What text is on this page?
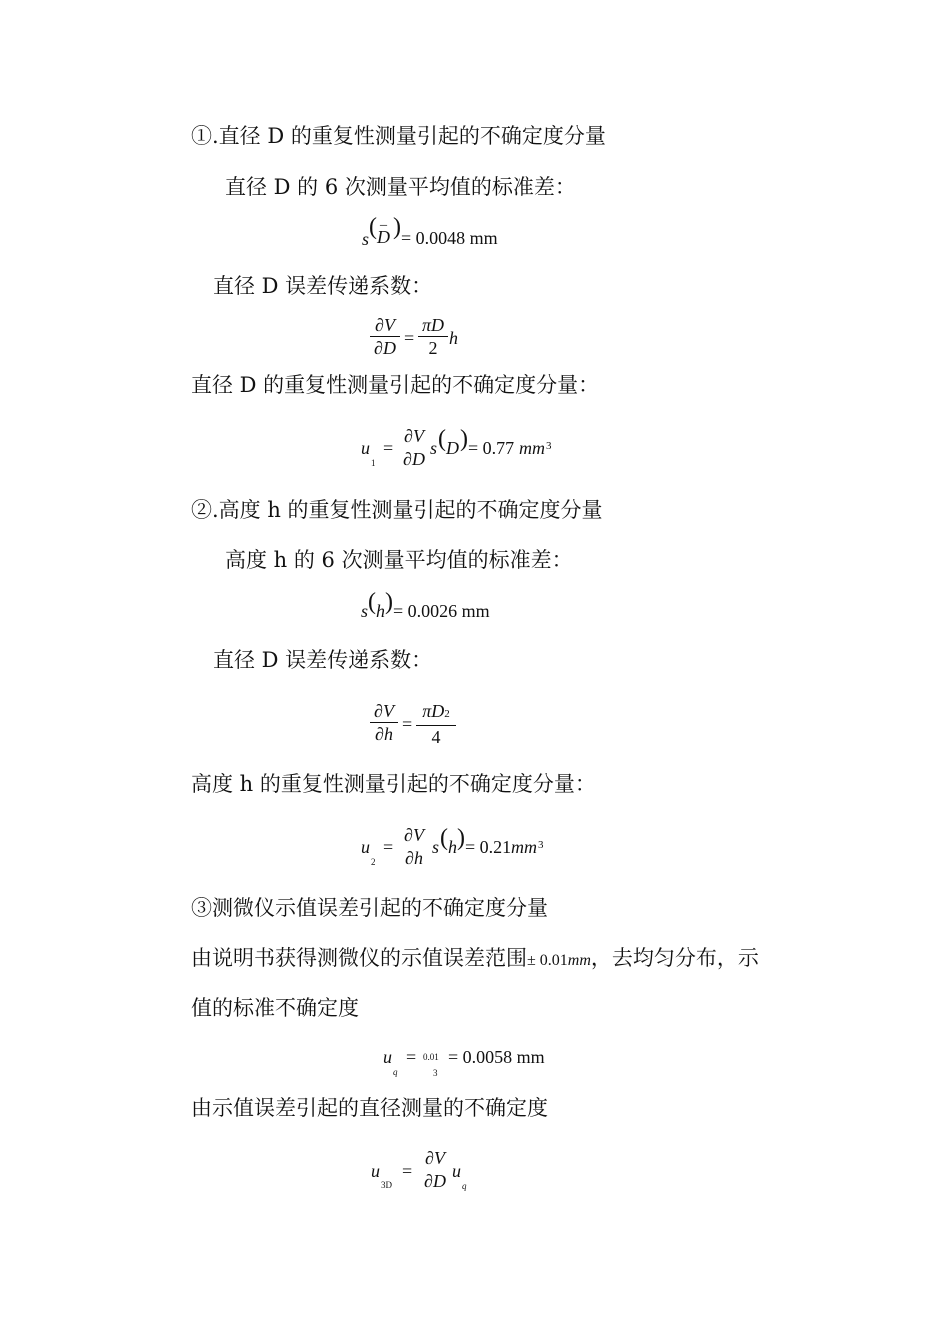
①.直径 D 的重复性测量引起的不确定度分量
直径 D 的 6 次测量平均值的标准差：
s ( _
D ) = 0.0048 mm
直径 D 误差传递系数：
∂V
∂D =
πD
2 h
直径 D 的重复性测量引起的不确定度分量：
u
1
=
∂V
∂D
s ( D ) = 0.77 mm 3
②.高度 h 的重复性测量引起的不确定度分量
高度 h 的 6 次测量平均值的标准差：
s ( h ) = 0.0026 mm
直径 D 误差传递系数：
∂V
∂h =
πD2
4
高度 h 的重复性测量引起的不确定度分量：
u
2
=
∂V
∂h
s ( h ) = 0.21 mm 3
③测微仪示值误差引起的不确定度分量
由说明书获得测微仪的示值误差范围± 0.01mm，去均匀分布，示
值的标准不确定度
u
q
= 0.01
3
= 0.0058 mm
由示值误差引起的直径测量的不确定度
u
3D
=
∂V
∂D u
q
